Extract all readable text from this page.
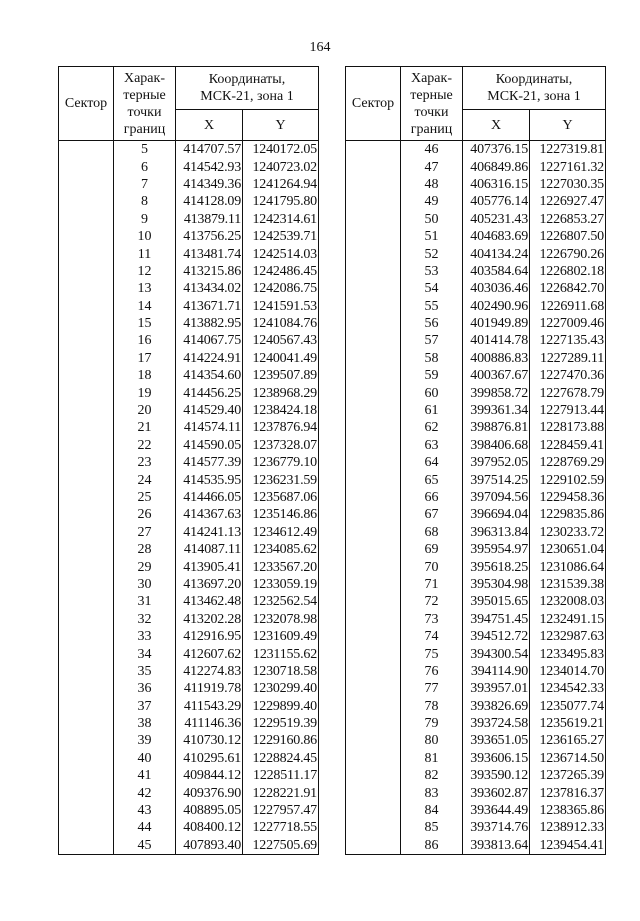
164
Сектор	Харак-
терные
точки
границ	Координаты,
МСК-21, зона 1	
		X	Y
	5	414707.57	1240172.05
	6	414542.93	1240723.02
	7	414349.36	1241264.94
	8	414128.09	1241795.80
	9	413879.11	1242314.61
	10	413756.25	1242539.71
	11	413481.74	1242514.03
	12	413215.86	1242486.45
	13	413434.02	1242086.75
	14	413671.71	1241591.53
	15	413882.95	1241084.76
	16	414067.75	1240567.43
	17	414224.91	1240041.49
	18	414354.60	1239507.89
	19	414456.25	1238968.29
	20	414529.40	1238424.18
	21	414574.11	1237876.94
	22	414590.05	1237328.07
	23	414577.39	1236779.10
	24	414535.95	1236231.59
	25	414466.05	1235687.06
	26	414367.63	1235146.86
	27	414241.13	1234612.49
	28	414087.11	1234085.62
	29	413905.41	1233567.20
	30	413697.20	1233059.19
	31	413462.48	1232562.54
	32	413202.28	1232078.98
	33	412916.95	1231609.49
	34	412607.62	1231155.62
	35	412274.83	1230718.58
	36	411919.78	1230299.40
	37	411543.29	1229899.40
	38	411146.36	1229519.39
	39	410730.12	1229160.86
	40	410295.61	1228824.45
	41	409844.12	1228511.17
	42	409376.90	1228221.91
	43	408895.05	1227957.47
	44	408400.12	1227718.55
	45	407893.40	1227505.69
Сектор	Харак-
терные
точки
границ	Координаты,
МСК-21, зона 1	
		X	Y
	46	407376.15	1227319.81
	47	406849.86	1227161.32
	48	406316.15	1227030.35
	49	405776.14	1226927.47
	50	405231.43	1226853.27
	51	404683.69	1226807.50
	52	404134.24	1226790.26
	53	403584.64	1226802.18
	54	403036.46	1226842.70
	55	402490.96	1226911.68
	56	401949.89	1227009.46
	57	401414.78	1227135.43
	58	400886.83	1227289.11
	59	400367.67	1227470.36
	60	399858.72	1227678.79
	61	399361.34	1227913.44
	62	398876.81	1228173.88
	63	398406.68	1228459.41
	64	397952.05	1228769.29
	65	397514.25	1229102.59
	66	397094.56	1229458.36
	67	396694.04	1229835.86
	68	396313.84	1230233.72
	69	395954.97	1230651.04
	70	395618.25	1231086.64
	71	395304.98	1231539.38
	72	395015.65	1232008.03
	73	394751.45	1232491.15
	74	394512.72	1232987.63
	75	394300.54	1233495.83
	76	394114.90	1234014.70
	77	393957.01	1234542.33
	78	393826.69	1235077.74
	79	393724.58	1235619.21
	80	393651.05	1236165.27
	81	393606.15	1236714.50
	82	393590.12	1237265.39
	83	393602.87	1237816.37
	84	393644.49	1238365.86
	85	393714.76	1238912.33
	86	393813.64	1239454.41
